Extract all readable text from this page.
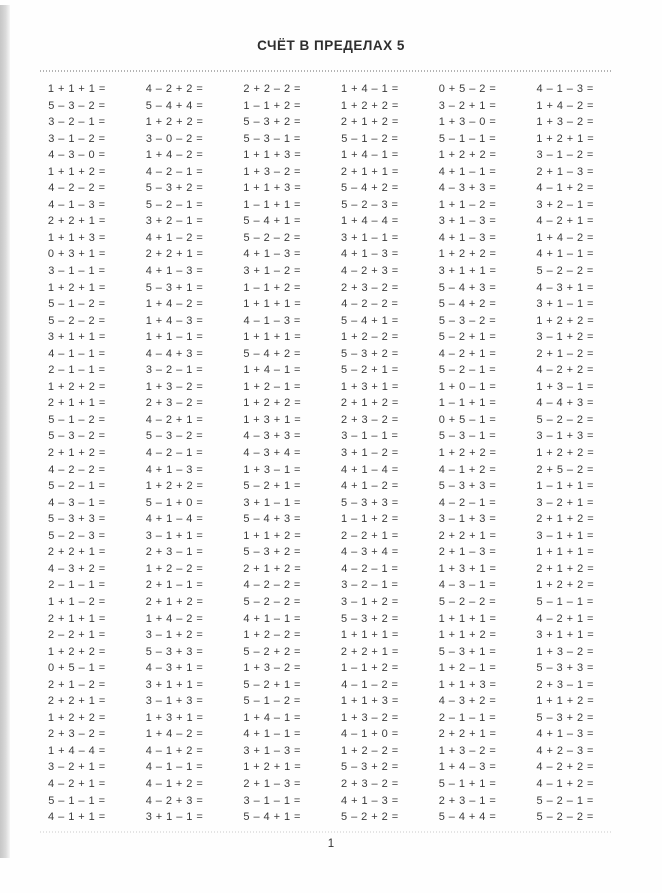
СЧЁТ В ПРЕДЕЛАХ 5
1 + 1 + 1 =	4 – 2 + 2 =	2 + 2 – 2 =	1 + 4 – 1 =	0 + 5 – 2 =	4 – 1 – 3 =
5 – 3 – 2 =	5 – 4 + 4 =	1 – 1 + 2 =	1 + 2 + 2 =	3 – 2 + 1 =	1 + 4 – 2 =
3 – 2 – 1 =	1 + 2 + 2 =	5 – 3 + 2 =	2 + 1 + 2 =	1 + 3 – 0 =	1 + 3 – 2 =
3 – 1 – 2 =	3 – 0 – 2 =	5 – 3 – 1 =	5 – 1 – 2 =	5 – 1 – 1 =	1 + 2 + 1 =
4 – 3 – 0 =	1 + 4 – 2 =	1 + 1 + 3 =	1 + 4 – 1 =	1 + 2 + 2 =	3 – 1 – 2 =
1 + 1 + 2 =	4 – 2 – 1 =	1 + 3 – 2 =	2 + 1 + 1 =	4 + 1 – 1 =	2 + 1 – 3 =
4 – 2 – 2 =	5 – 3 + 2 =	1 + 1 + 3 =	5 – 4 + 2 =	4 – 3 + 3 =	4 – 1 + 2 =
4 – 1 – 3 =	5 – 2 – 1 =	1 – 1 + 1 =	5 – 2 – 3 =	1 + 1 – 2 =	3 + 2 – 1 =
2 + 2 + 1 =	3 + 2 – 1 =	5 – 4 + 1 =	1 + 4 – 4 =	3 + 1 – 3 =	4 – 2 + 1 =
1 + 1 + 3 =	4 + 1 – 2 =	5 – 2 – 2 =	3 + 1 – 1 =	4 + 1 – 3 =	1 + 4 – 2 =
0 + 3 + 1 =	2 + 2 + 1 =	4 + 1 – 3 =	4 + 1 – 3 =	1 + 2 + 2 =	4 + 1 – 1 =
3 – 1 – 1 =	4 + 1 – 3 =	3 + 1 – 2 =	4 – 2 + 3 =	3 + 1 + 1 =	5 – 2 – 2 =
1 + 2 + 1 =	5 – 3 + 1 =	1 – 1 + 2 =	2 + 3 – 2 =	5 – 4 + 3 =	4 – 3 + 1 =
5 – 1 – 2 =	1 + 4 – 2 =	1 + 1 + 1 =	4 – 2 – 2 =	5 – 4 + 2 =	3 + 1 – 1 =
5 – 2 – 2 =	1 + 4 – 3 =	4 – 1 – 3 =	5 – 4 + 1 =	5 – 3 – 2 =	1 + 2 + 2 =
3 + 1 + 1 =	1 + 1 – 1 =	1 + 1 + 1 =	1 + 2 – 2 =	5 – 2 + 1 =	3 – 1 + 2 =
4 – 1 – 1 =	4 – 4 + 3 =	5 – 4 + 2 =	5 – 3 + 2 =	4 – 2 + 1 =	2 + 1 – 2 =
2 – 1 – 1 =	3 – 2 – 1 =	1 + 4 – 1 =	5 – 2 + 1 =	5 – 2 – 1 =	4 – 2 + 2 =
1 + 2 + 2 =	1 + 3 – 2 =	1 + 2 – 1 =	1 + 3 + 1 =	1 + 0 – 1 =	1 + 3 – 1 =
2 + 1 + 1 =	2 + 3 – 2 =	1 + 2 + 2 =	2 + 1 + 2 =	1 – 1 + 1 =	4 – 4 + 3 =
5 – 1 – 2 =	4 – 2 + 1 =	1 + 3 + 1 =	2 + 3 – 2 =	0 + 5 – 1 =	5 – 2 – 2 =
5 – 3 – 2 =	5 – 3 – 2 =	4 – 3 + 3 =	3 – 1 – 1 =	5 – 3 – 1 =	3 – 1 + 3 =
2 + 1 + 2 =	4 – 2 – 1 =	4 – 3 + 4 =	3 + 1 – 2 =	1 + 2 + 2 =	1 + 2 + 2 =
4 – 2 – 2 =	4 + 1 – 3 =	1 + 3 – 1 =	4 + 1 – 4 =	4 – 1 + 2 =	2 + 5 – 2 =
5 – 2 – 1 =	1 + 2 + 2 =	5 – 2 + 1 =	4 + 1 – 2 =	5 – 3 + 3 =	1 – 1 + 1 =
4 – 3 – 1 =	5 – 1 + 0 =	3 + 1 – 1 =	5 – 3 + 3 =	4 – 2 – 1 =	3 – 2 + 1 =
5 – 3 + 3 =	4 + 1 – 4 =	5 – 4 + 3 =	1 – 1 + 2 =	3 – 1 + 3 =	2 + 1 + 2 =
5 – 2 – 3 =	3 – 1 + 1 =	1 + 1 + 2 =	2 – 2 + 1 =	2 + 2 + 1 =	3 – 1 + 1 =
2 + 2 + 1 =	2 + 3 – 1 =	5 – 3 + 2 =	4 – 3 + 4 =	2 + 1 – 3 =	1 + 1 + 1 =
4 – 3 + 2 =	1 + 2 – 2 =	2 + 1 + 2 =	4 – 2 – 1 =	1 + 3 + 1 =	2 + 1 + 2 =
2 – 1 – 1 =	2 + 1 – 1 =	4 – 2 – 2 =	3 – 2 – 1 =	4 – 3 – 1 =	1 + 2 + 2 =
1 + 1 – 2 =	2 + 1 + 2 =	5 – 2 – 2 =	3 – 1 + 2 =	5 – 2 – 2 =	5 – 1 – 1 =
2 + 1 + 1 =	1 + 4 – 2 =	4 + 1 – 1 =	5 – 3 + 2 =	1 + 1 + 1 =	4 – 2 + 1 =
2 – 2 + 1 =	3 – 1 + 2 =	1 + 2 – 2 =	1 + 1 + 1 =	1 + 1 + 2 =	3 + 1 + 1 =
1 + 2 + 2 =	5 – 3 + 3 =	5 – 2 + 2 =	2 + 2 + 1 =	5 – 3 + 1 =	1 + 3 – 2 =
0 + 5 – 1 =	4 – 3 + 1 =	1 + 3 – 2 =	1 – 1 + 2 =	1 + 2 – 1 =	5 – 3 + 3 =
2 + 1 – 2 =	3 + 1 + 1 =	5 – 2 + 1 =	4 – 1 – 2 =	1 + 1 + 3 =	2 + 3 – 1 =
2 + 2 + 1 =	3 – 1 + 3 =	5 – 1 – 2 =	1 + 1 + 3 =	4 – 3 + 2 =	1 + 1 + 2 =
1 + 2 + 2 =	1 + 3 + 1 =	1 + 4 – 1 =	1 + 3 – 2 =	2 – 1 – 1 =	5 – 3 + 2 =
2 + 3 – 2 =	1 + 4 – 2 =	4 + 1 – 1 =	4 – 1 + 0 =	2 + 2 + 1 =	4 + 1 – 3 =
1 + 4 – 4 =	4 – 1 + 2 =	3 + 1 – 3 =	1 + 2 – 2 =	1 + 3 – 2 =	4 + 2 – 3 =
3 – 2 + 1 =	4 – 1 – 1 =	1 + 2 + 1 =	5 – 3 + 2 =	1 + 4 – 3 =	4 – 2 + 2 =
4 – 2 + 1 =	4 – 1 + 2 =	2 + 1 – 3 =	2 + 3 – 2 =	5 – 1 + 1 =	4 – 1 + 2 =
5 – 1 – 1 =	4 – 2 + 3 =	3 – 1 – 1 =	4 + 1 – 3 =	2 + 3 – 1 =	5 – 2 – 1 =
4 – 1 + 1 =	3 + 1 – 1 =	5 – 4 + 1 =	5 – 2 + 2 =	5 – 4 + 4 =	5 – 2 – 2 =
1
